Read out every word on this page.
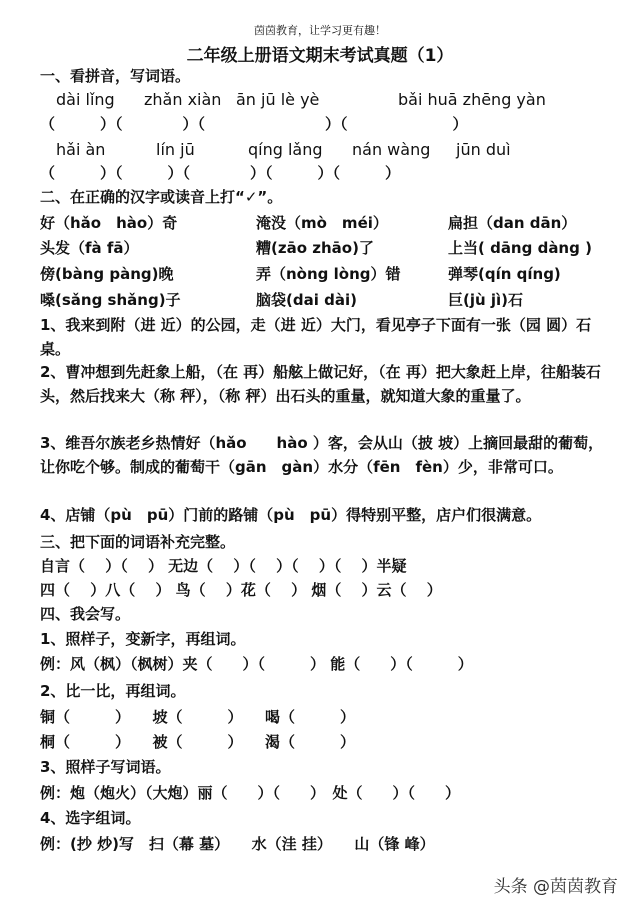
茵茵教育，让学习更有趣！
二年级上册语文期末考试真题（1）
一、看拼音，写词语。
dài lǐng zhǎn xiàn ān jū lè yè	bǎi huā zhēng yàn
（　　　）（　　　　）（　　　　　　　　）（　　　　　　　）
hǎi àn	lín jū	qíng lǎng nán wàng jūn duì
（　　　）（　　　）（　　　　）（　　　）（　　　）
二、在正确的汉字或读音上打“✓”。
好（hǎo　hào）奇	淹没（mò　méi）	扁担（dan dān）
头发（fà fā）	糟(zāo zhāo)了	上当( dāng dàng )
傍(bàng pàng)晚	弄（nòng lòng）错	弹琴(qín qíng)
嗓(sǎng shǎng)子	脑袋(dai dài)	巨(jù jì)石
1、我来到附（进 近）的公园，走（进 近）大门，看见亭子下面有一张（园 圆）石桌。
2、曹冲想到先赶象上船，（在 再）船舷上做记好，（在 再）把大象赶上岸，往船装石头，然后找来大（称 秤），（称 秤）出石头的重量，就知道大象的重量了。
3、维吾尔族老乡热情好（hǎo　　hào ）客，会从山（披 坡）上摘回最甜的葡萄，让你吃个够。制成的葡萄干（gān　gàn）水分（fēn　fèn）少，非常可口。
4、店铺（pù　pū）门前的路铺（pù　pū）得特别平整，店户们很满意。
三、把下面的词语补充完整。
自言（　 ）（　 ） 无边（　 ）（　 ）（　 ）（　 ）半疑
四（　 ）八（　 ） 鸟（　 ）花（　 ） 烟（　 ）云（　 ）
四、我会写。
1、照样子，变新字，再组词。
例：风（枫）（枫树）夹（　　）（　　　） 能（　　）（　　　）
2、比一比，再组词。
铜（　　　）　　坡（　　　）　　喝（　　　）
桐（　　　）　　被（　　　）　　渴（　　　）
3、照样子写词语。
例：炮（炮火）（大炮）丽（　　）（　　）　处（　　）（　　）
4、选字组词。
例：(抄 炒)写　扫（幕 墓）　　水（洼 挂）　　山（锋 峰）
头条 @茵茵教育
